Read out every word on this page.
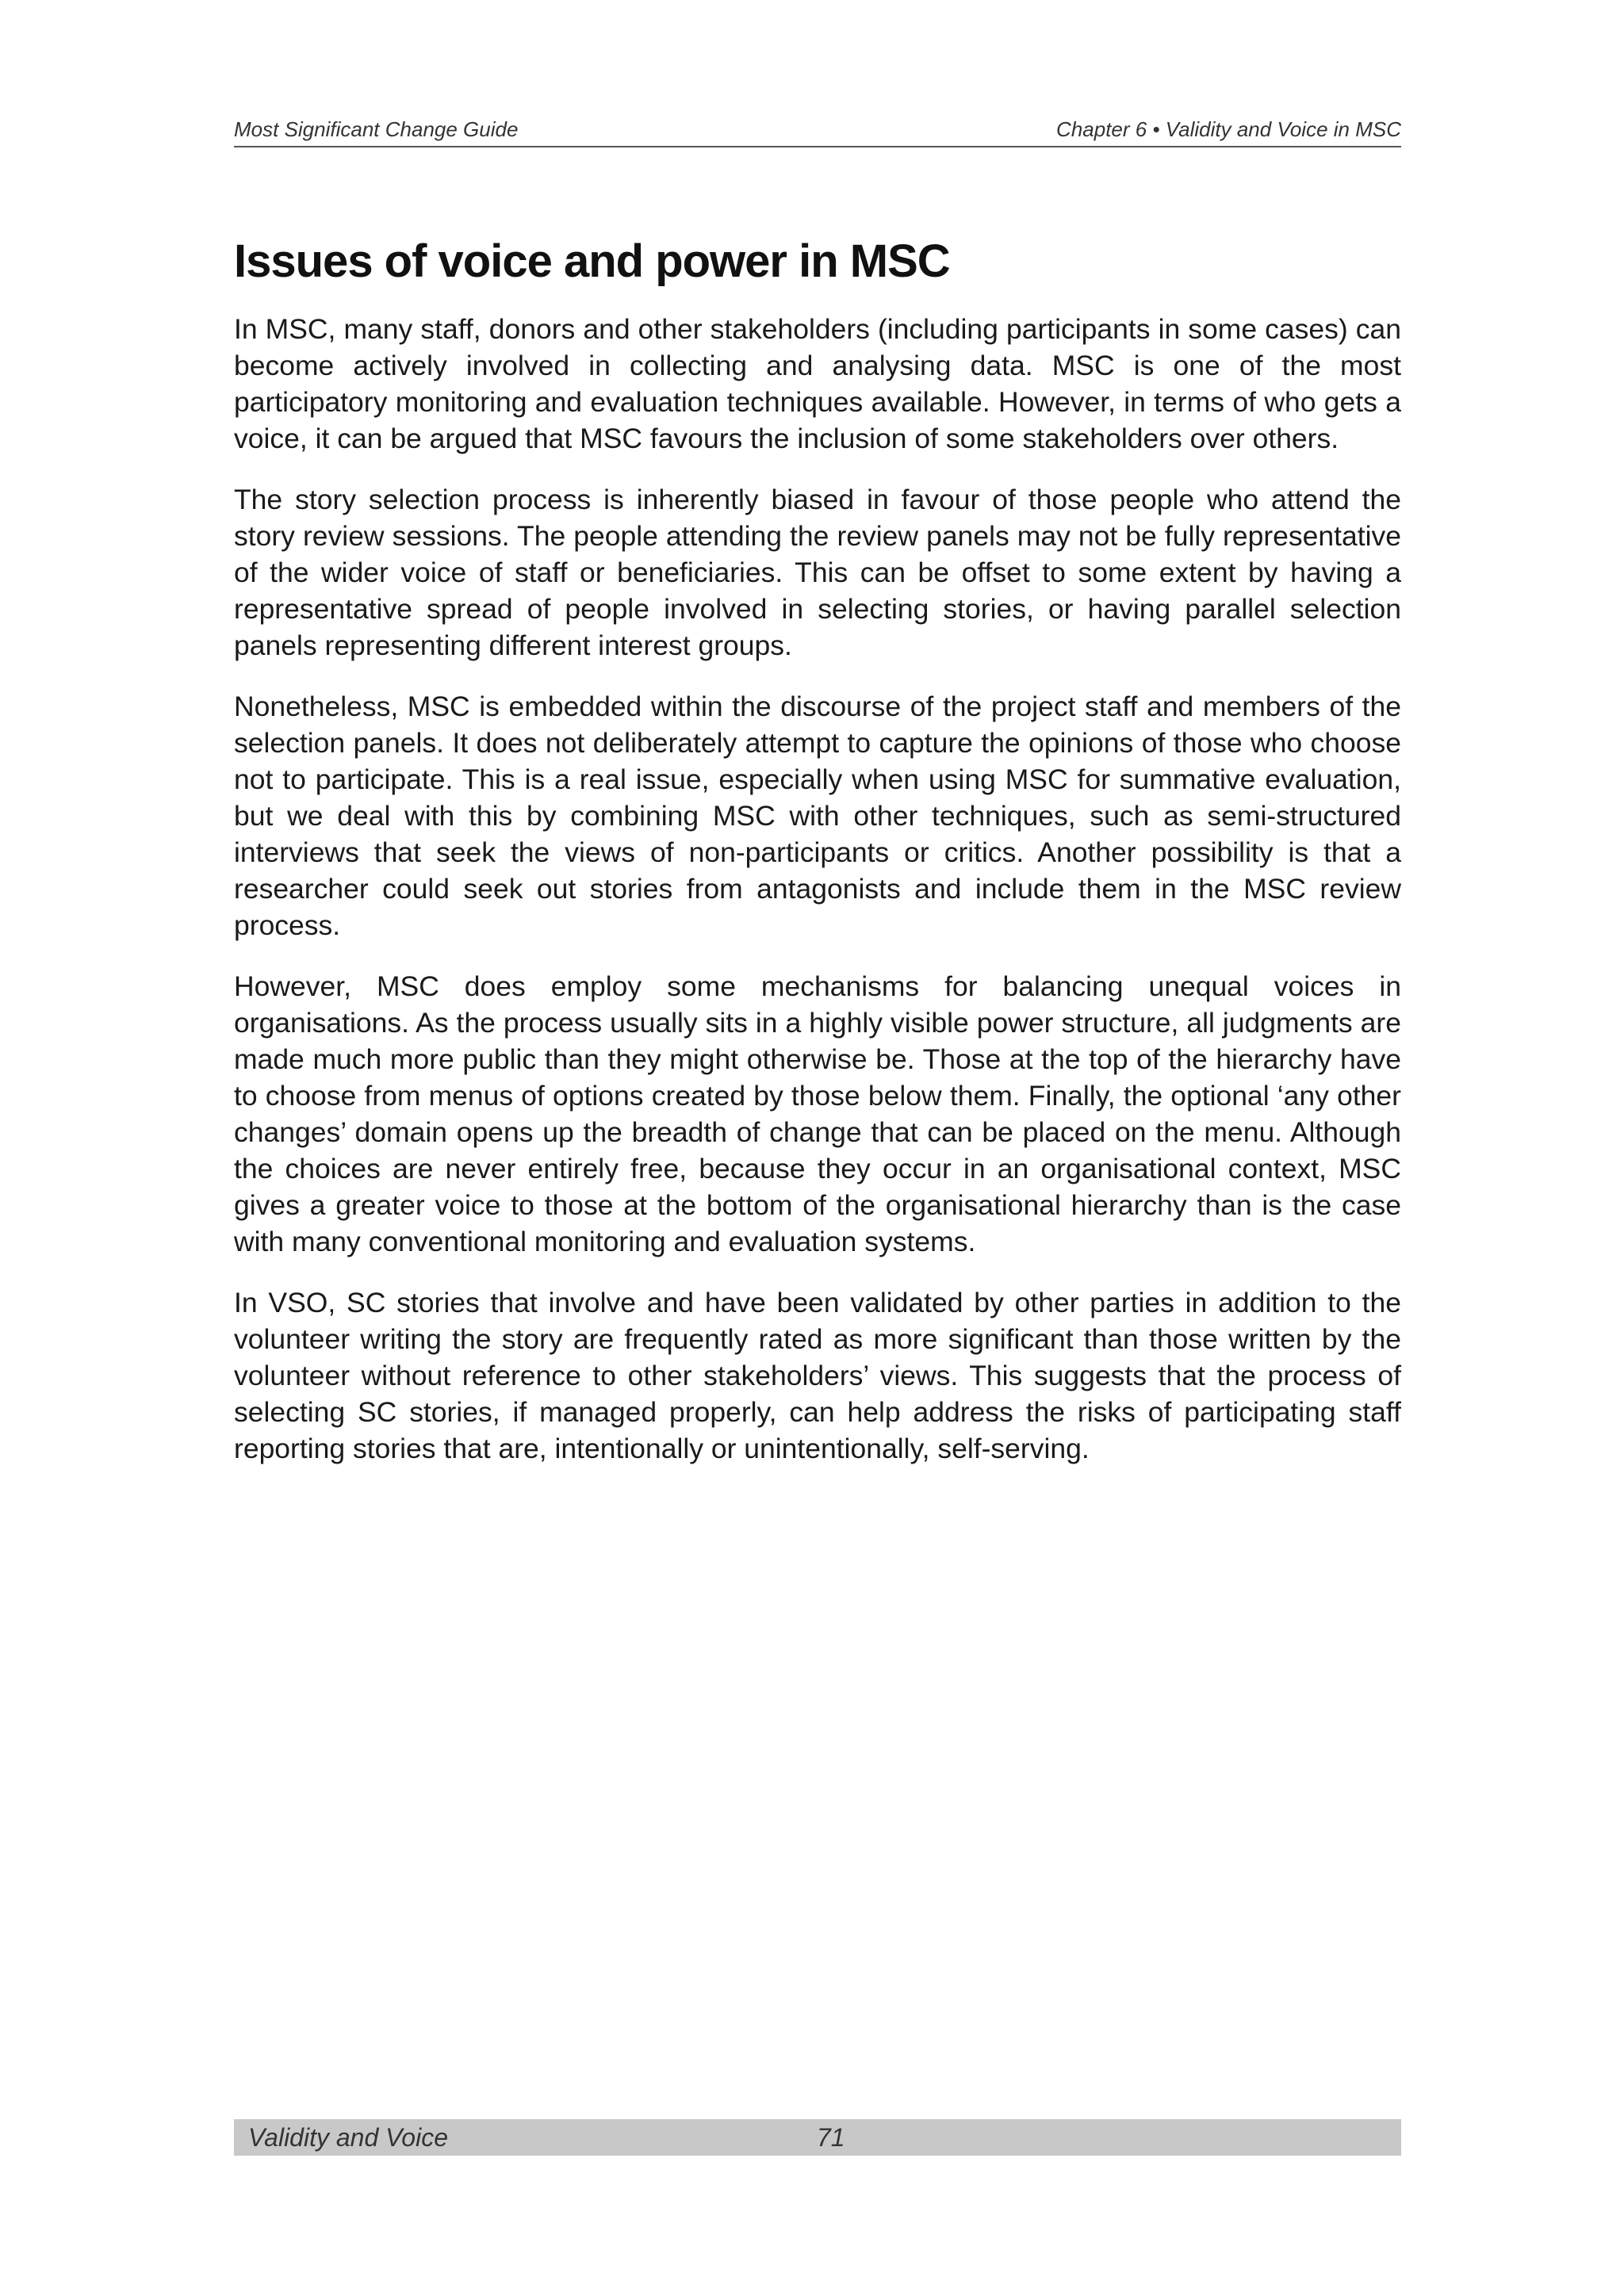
Most Significant Change Guide	Chapter 6 • Validity and Voice in MSC
Issues of voice and power in MSC

In MSC, many staff, donors and other stakeholders (including participants in some cases) can become actively involved in collecting and analysing data. MSC is one of the most participatory monitoring and evaluation techniques available. However, in terms of who gets a voice, it can be argued that MSC favours the inclusion of some stakeholders over others.

The story selection process is inherently biased in favour of those people who attend the story review sessions. The people attending the review panels may not be fully representative of the wider voice of staff or beneficiaries. This can be offset to some extent by having a representative spread of people involved in selecting stories, or having parallel selection panels representing different interest groups.

Nonetheless, MSC is embedded within the discourse of the project staff and members of the selection panels. It does not deliberately attempt to capture the opinions of those who choose not to participate. This is a real issue, especially when using MSC for summative evaluation, but we deal with this by combining MSC with other techniques, such as semi-structured interviews that seek the views of non-participants or critics. Another possibility is that a researcher could seek out stories from antagonists and include them in the MSC review process.

However, MSC does employ some mechanisms for balancing unequal voices in organisations. As the process usually sits in a highly visible power structure, all judgments are made much more public than they might otherwise be. Those at the top of the hierarchy have to choose from menus of options created by those below them. Finally, the optional ‘any other changes’ domain opens up the breadth of change that can be placed on the menu. Although the choices are never entirely free, because they occur in an organisational context, MSC gives a greater voice to those at the bottom of the organisational hierarchy than is the case with many conventional monitoring and evaluation systems.

In VSO, SC stories that involve and have been validated by other parties in addition to the volunteer writing the story are frequently rated as more significant than those written by the volunteer without reference to other stakeholders’ views. This suggests that the process of selecting SC stories, if managed properly, can help address the risks of participating staff reporting stories that are, intentionally or unintentionally, self-serving.

Validity and Voice	71
